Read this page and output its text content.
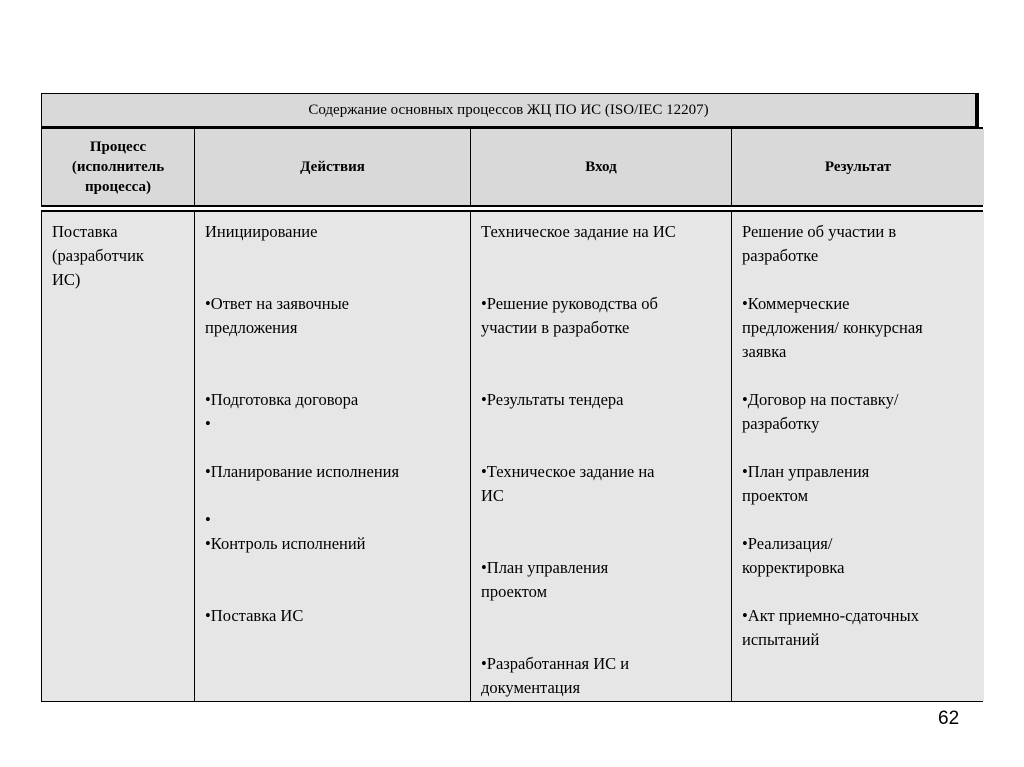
Содержание основных процессов ЖЦ ПО ИС (ISO/IEC 12207)
Процесс
(исполнитель
процесса)
Действия	Вход	Результат
Поставка
(разработчик
ИС)
Инициирование
•Ответ на заявочные
предложения
•Подготовка договора
•
•Планирование исполнения
•
•Контроль исполнений
•Поставка ИС
Техническое задание на ИС
•Решение руководства об
участии в разработке
•Результаты тендера
•Техническое задание на
ИС
•План управления
проектом
•Разработанная ИС и
документация
Решение об участии в
разработке
•Коммерческие
предложения/ конкурсная
заявка
•Договор на поставку/
разработку
•План управления
проектом
•Реализация/
корректировка
•Акт приемно-сдаточных
испытаний
62
